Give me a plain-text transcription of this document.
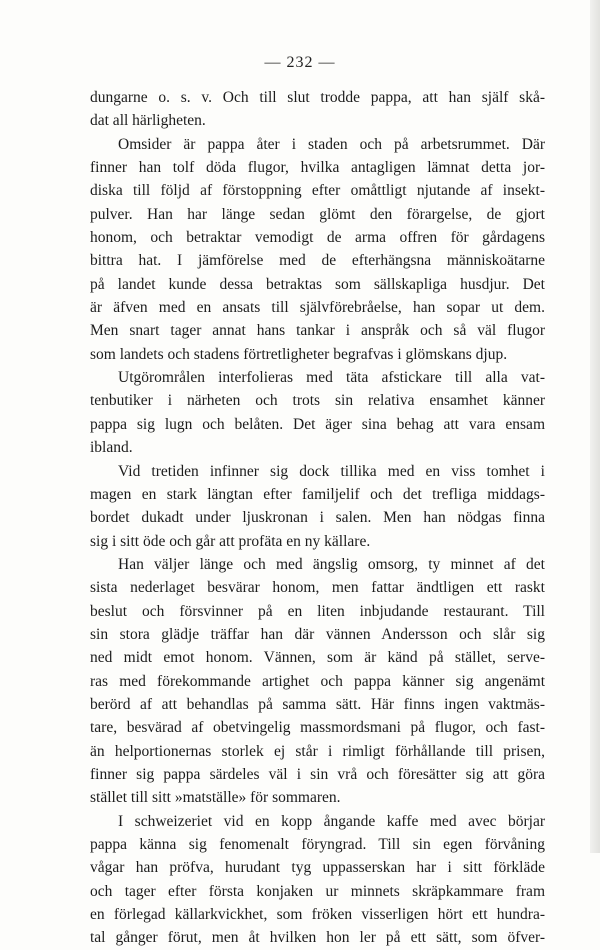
— 232 —
dungarne o. s. v. Och till slut trodde pappa, att han själf skå-
dat all härligheten.
Omsider är pappa åter i staden och på arbetsrummet. Där
finner han tolf döda flugor, hvilka antagligen lämnat detta jor-
diska till följd af förstoppning efter omåttligt njutande af insekt-
pulver. Han har länge sedan glömt den förargelse, de gjort
honom, och betraktar vemodigt de arma offren för gårdagens
bittra hat. I jämförelse med de efterhängsna människoätarne
på landet kunde dessa betraktas som sällskapliga husdjur. Det
är äfven med en ansats till självförebråelse, han sopar ut dem.
Men snart tager annat hans tankar i anspråk och så väl flugor
som landets och stadens förtretligheter begrafvas i glömskans djup.
Utgörområlen interfolieras med täta afstickare till alla vat-
tenbutiker i närheten och trots sin relativa ensamhet känner
pappa sig lugn och belåten. Det äger sina behag att vara ensam
ibland.
Vid tretiden infinner sig dock tillika med en viss tomhet i
magen en stark längtan efter familjelif och det trefliga middags-
bordet dukadt under ljuskronan i salen. Men han nödgas finna
sig i sitt öde och går att profäta en ny källare.
Han väljer länge och med ängslig omsorg, ty minnet af det
sista nederlaget besvärar honom, men fattar ändtligen ett raskt
beslut och försvinner på en liten inbjudande restaurant. Till
sin stora glädje träffar han där vännen Andersson och slår sig
ned midt emot honom. Vännen, som är känd på stället, serve-
ras med förekommande artighet och pappa känner sig angenämt
berörd af att behandlas på samma sätt. Här finns ingen vaktmäs-
tare, besvärad af obetvingelig massmordsmani på flugor, och fast-
än helportionernas storlek ej står i rimligt förhållande till prisen,
finner sig pappa särdeles väl i sin vrå och föresätter sig att göra
stället till sitt »matställe» för sommaren.
I schweizeriet vid en kopp ångande kaffe med avec börjar
pappa känna sig fenomenalt föryngrad. Till sin egen förvåning
vågar han pröfva, hurudant tyg uppasserskan har i sitt förkläde
och tager efter första konjaken ur minnets skräpkammare fram
en förlegad källarkvickhet, som fröken visserligen hört ett hundra-
tal gånger förut, men åt hvilken hon ler på ett sätt, som öfver-
